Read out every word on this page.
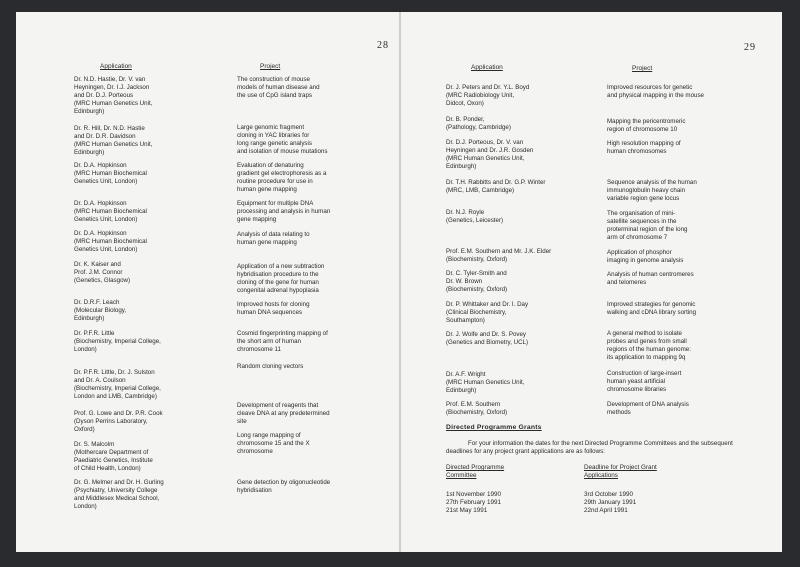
28
Application	Project
Dr. N.D. Hastie, Dr. V. van
Heyningen, Dr. I.J. Jackson
and Dr. D.J. Porteous
(MRC Human Genetics Unit,
Edinburgh)
The construction of mouse
models of human disease and
the use of CpG island traps
Dr. R. Hill, Dr. N.D. Hastie
and Dr. D.R. Davidson
(MRC Human Genetics Unit,
Edinburgh)
Large genomic fragment
cloning in YAC libraries for
long range genetic analysis
and isolation of mouse mutations
Dr. D.A. Hopkinson
(MRC Human Biochemical
Genetics Unit, London)
Evaluation of denaturing
gradient gel electrophoresis as a
routine procedure for use in
human gene mapping
Dr. D.A. Hopkinson
(MRC Human Biochemical
Genetics Unit, London)
Equipment for multiple DNA
processing and analysis in human
gene mapping
Dr. D.A. Hopkinson
(MRC Human Biochemical
Genetics Unit, London)
Analysis of data relating to
human gene mapping
Dr. K. Kaiser and
Prof. J.M. Connor
(Genetics, Glasgow)
Application of a new subtraction
hybridisation procedure to the
cloning of the gene for human
congenital adrenal hypoplasia
Dr. D.R.F. Leach
(Molecular Biology,
Edinburgh)
Improved hosts for cloning
human DNA sequences
Dr. P.F.R. Little
(Biochemistry, Imperial College,
London)
Cosmid fingerprinting mapping of
the short arm of human
chromosome 11
Dr. P.F.R. Little, Dr. J. Sulston
and Dr. A. Coulson
(Biochemistry, Imperial College,
London and LMB, Cambridge)
Random cloning vectors
Prof. G. Lowe and Dr. P.R. Cook
(Dyson Perrins Laboratory,
Oxford)
Development of reagents that
cleave DNA at any predetermined
site
Dr. S. Malcolm
(Mothercare Department of
Paediatric Genetics, Institute
of Child Health, London)
Long range mapping of
chromosome 15 and the X
chromosome
Dr. G. Melmer and Dr. H. Gurling
(Psychiatry, University College
and Middlesex Medical School,
London)
Gene detection by oligonucleotide
hybridisation
29
Application	Project
Dr. J. Peters and Dr. Y.L. Boyd
(MRC Radiobiology Unit,
Didcot, Oxon)
Improved resources for genetic
and physical mapping in the mouse
Dr. B. Ponder,
(Pathology, Cambridge)
Mapping the pericentromeric
region of chromosome 10
Dr. D.J. Porteous, Dr. V. van
Heyningen and Dr. J.R. Gosden
(MRC Human Genetics Unit,
Edinburgh)
High resolution mapping of
human chromosomes
Dr. T.H. Rabbitts and Dr. G.P. Winter
(MRC, LMB, Cambridge)
Sequence analysis of the human
immunoglobulin heavy chain
variable region gene locus
Dr. N.J. Royle
(Genetics, Leicester)
The organisation of mini-
satellite sequences in the
proterminal region of the long
arm of chromosome 7
Prof. E.M. Southern and Mr. J.K. Elder
(Biochemistry, Oxford)
Application of phosphor
imaging in genome analysis
Dr. C. Tyler-Smith and
Dr. W. Brown
(Biochemistry, Oxford)
Analysis of human centromeres
and telomeres
Dr. P. Whittaker and Dr. I. Day
(Clinical Biochemistry,
Southampton)
Improved strategies for genomic
walking and cDNA library sorting
Dr. J. Wolfe and Dr. S. Povey
(Genetics and Biometry, UCL)
A general method to isolate
probes and genes from small
regions of the human genome:
its application to mapping 9q
Dr. A.F. Wright
(MRC Human Genetics Unit,
Edinburgh)
Construction of large-insert
human yeast artificial
chromosome libraries
Prof. E.M. Southern
(Biochemistry, Oxford)
Development of DNA analysis
methods
Directed Programme Grants
For your information the dates for the next Directed Programme Committees and the subsequent deadlines for any project grant applications are as follows:
Directed Programme
Committee
1st November 1990
27th February 1991
21st May 1991
Deadline for Project Grant
Applications
3rd October 1990
29th January 1991
22nd April 1991
